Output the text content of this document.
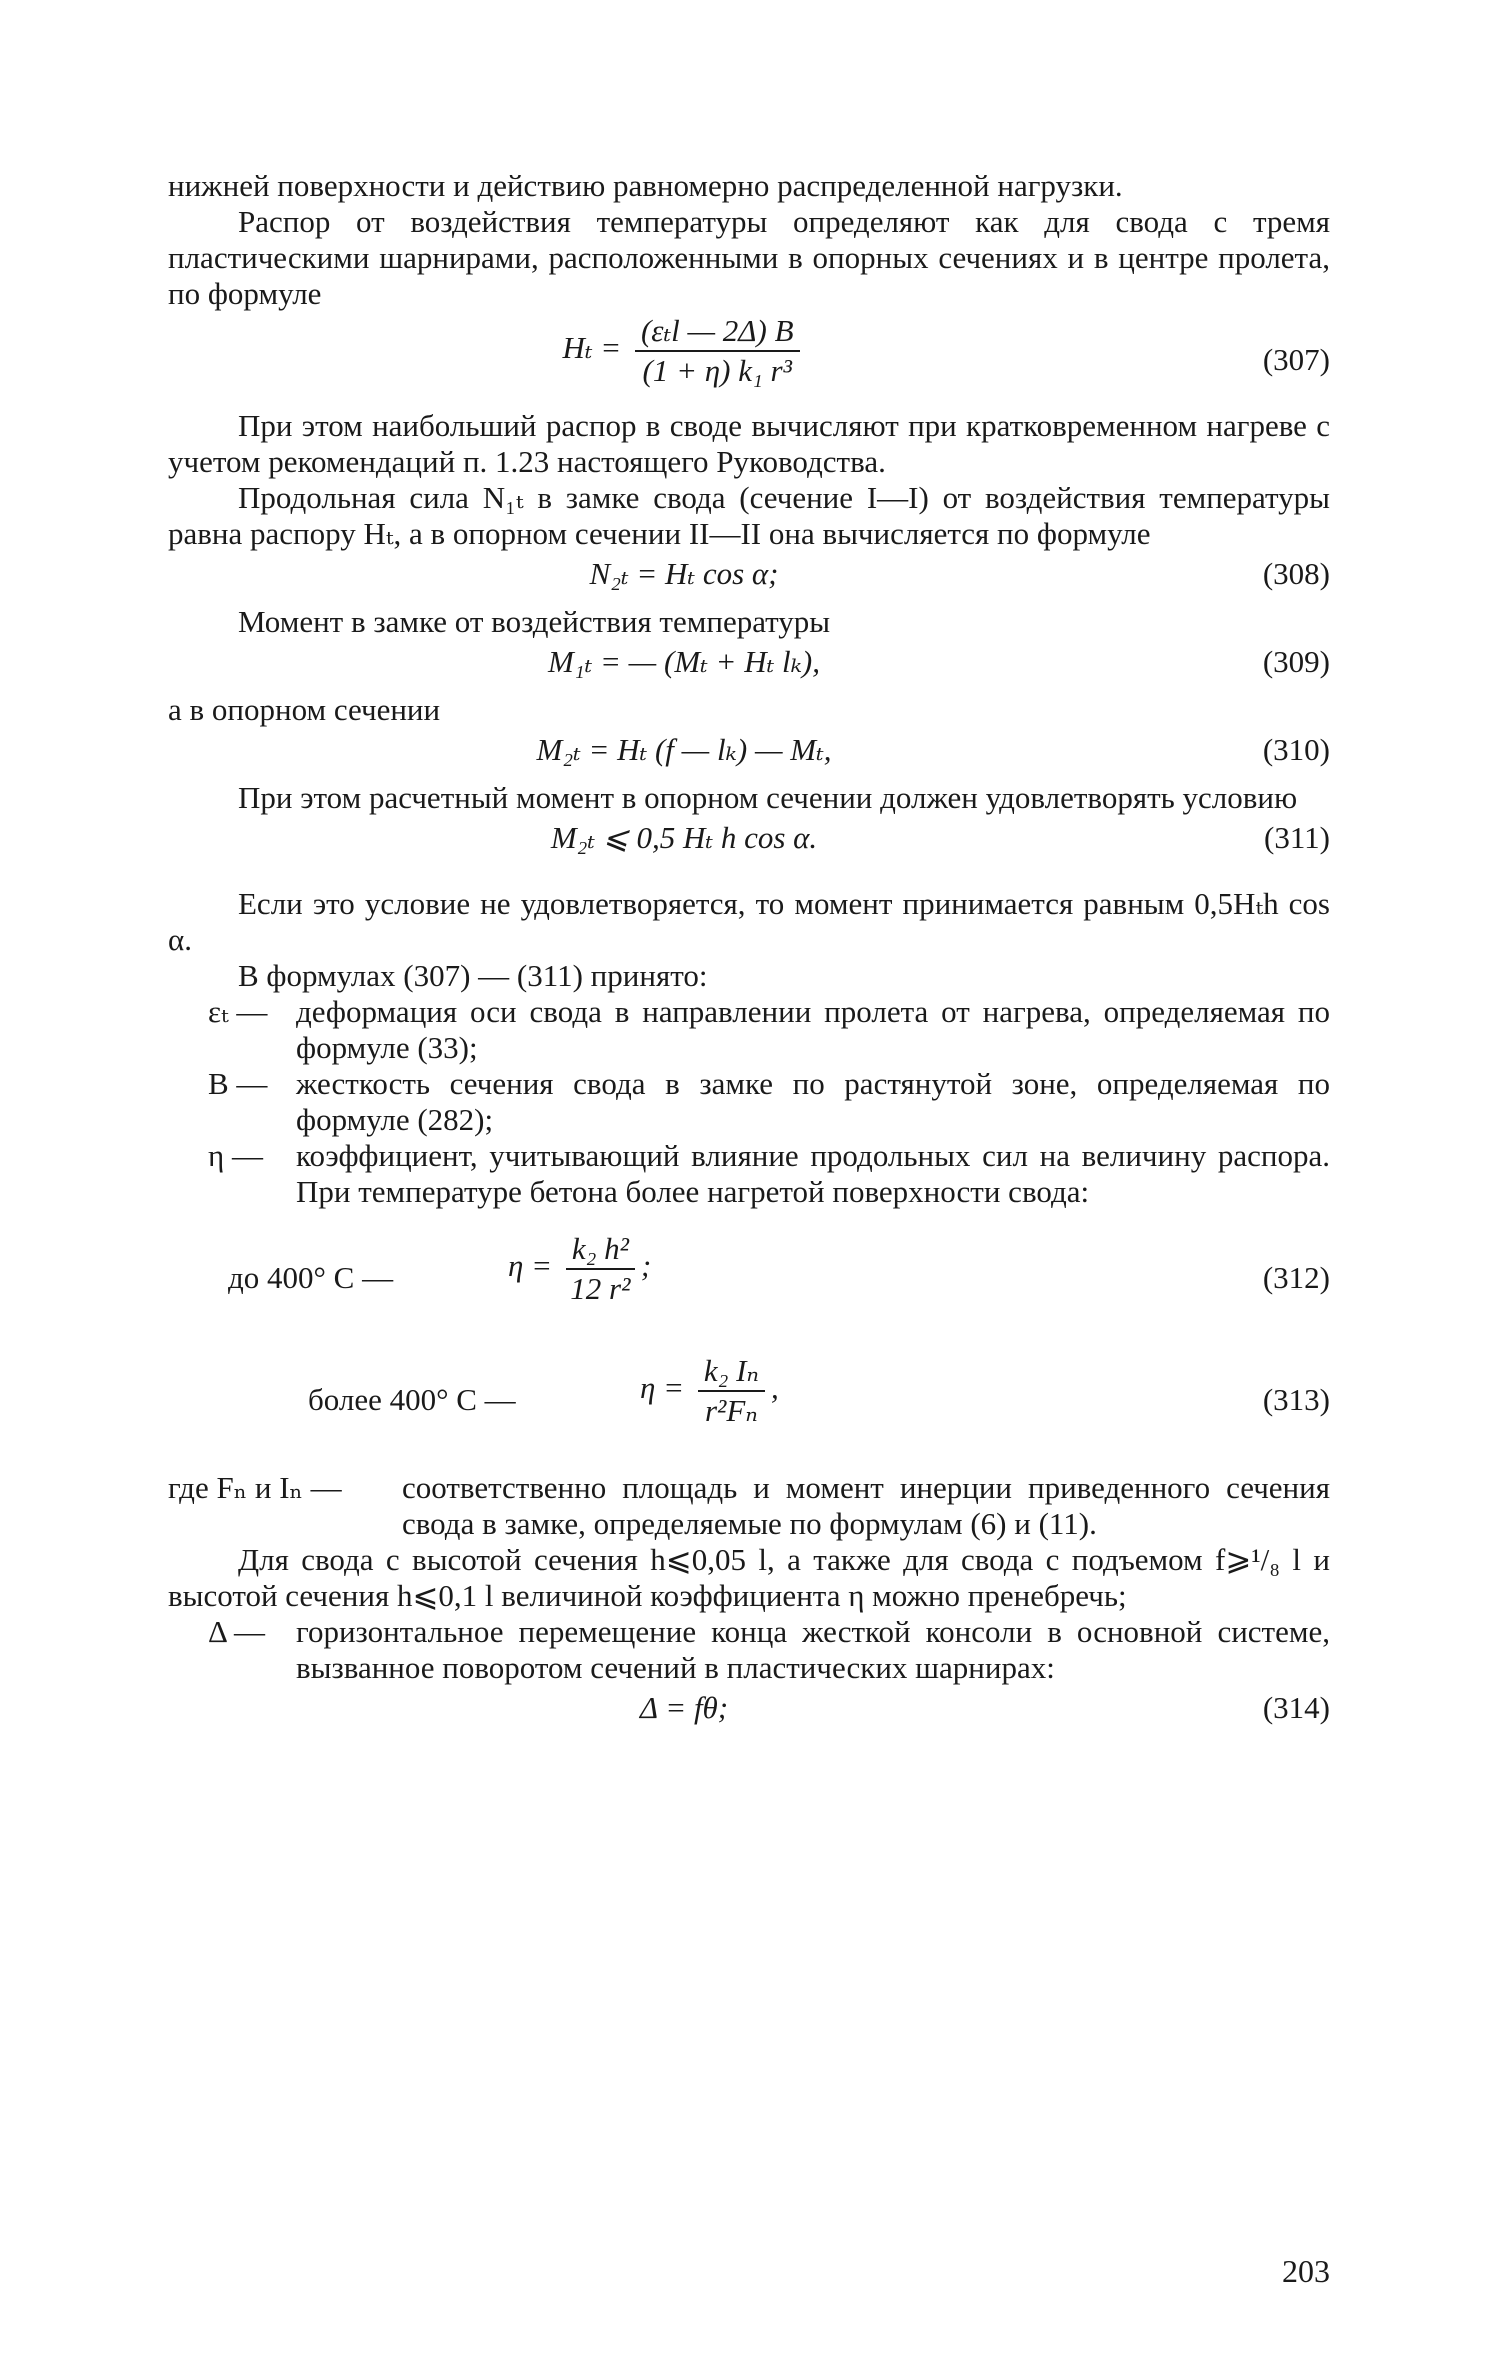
нижней поверхности и действию равномерно распределенной нагрузки.

Распор от воздействия температуры определяют как для свода с тремя пластическими шарнирами, расположенными в опорных сечениях и в центре пролета, по формуле

$H_t = \frac{\text{(εₜl — 2Δ) B}}{\text{(1 + η) k₁ r³}}$	(307)

При этом наибольший распор в своде вычисляют при кратковременном нагреве с учетом рекомендаций п. 1.23 настоящего Руководства.

Продольная сила N₁ₜ в замке свода (сечение I—I) от воздействия температуры равна распору Hₜ, а в опорном сечении II—II она вычисляется по формуле

N₂ₜ = Hₜ cos α;	(308)

Момент в замке от воздействия температуры

M₁ₜ = — (Mₜ + Hₜ lₖ),	(309)

а в опорном сечении

M₂ₜ = Hₜ (f — lₖ) — Mₜ,	(310)

При этом расчетный момент в опорном сечении должен удовлетворять условию

M₂ₜ ⩽ 0,5 Hₜ h cos α.	(311)

Если это условие не удовлетворяется, то момент принимается равным 0,5Hₜh cos α.

В формулах (307) — (311) принято:

εₜ — деформация оси свода в направлении пролета от нагрева, определяемая по формуле (33);
B — жесткость сечения свода в замке по растянутой зоне, определяемая по формуле (282);
η —	коэффициент, учитывающий влияние продольных сил на величину распора. При температуре бетона более нагретой поверхности свода:
до 400° С —	$\eta = \frac{\text{k₂ h²}}{\text{12 r²}}$ ;	(312)
более 400° С —	$\eta = \frac{\text{k₂ Iₙ}}{\text{r²Fₙ}}$ ,	(313)
где Fₙ и Iₙ — соответственно площадь и момент инерции приведенного сечения свода в замке, определяемые по формулам (6) и (11).

Для свода с высотой сечения h⩽0,05 l, а также для свода с подъемом f⩾¹/₈ l и высотой сечения h⩽0,1 l величиной коэффициента η можно пренебречь;

Δ —	горизонтальное перемещение конца жесткой консоли в основной системе, вызванное поворотом сечений в пластических шарнирах:
Δ = fθ;	(314)
203
